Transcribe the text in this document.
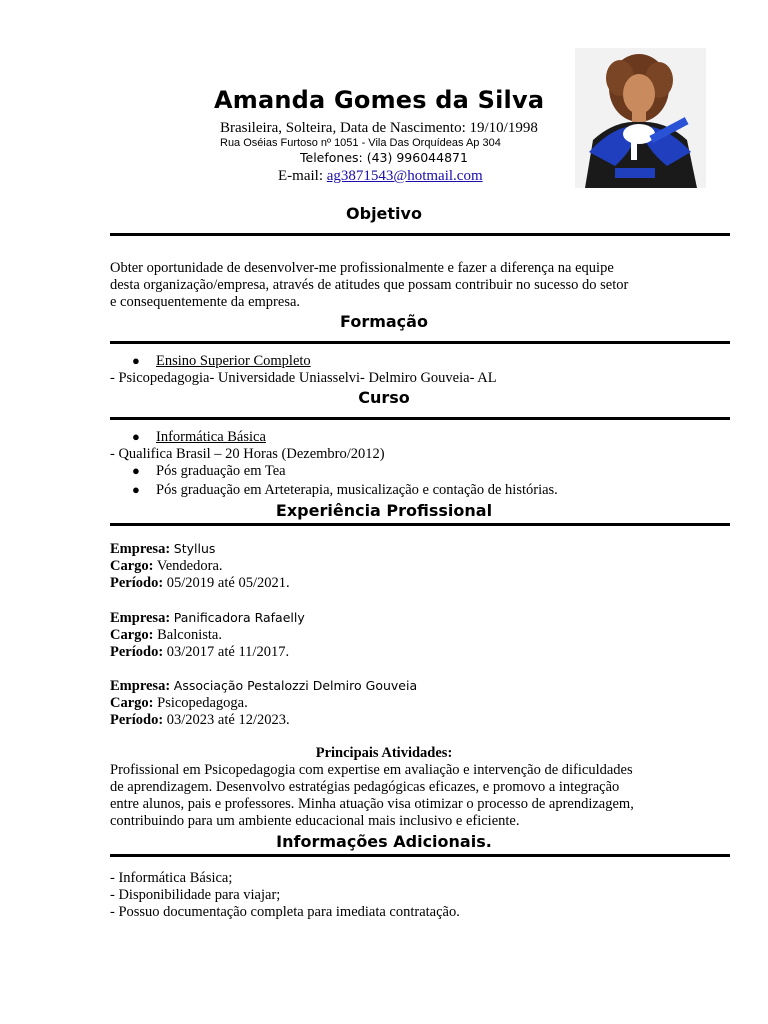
Amanda Gomes da Silva
Brasileira, Solteira, Data de Nascimento: 19/10/1998
Rua Oséias Furtoso nº 1051 - Vila Das Orquídeas Ap 304
Telefones: (43) 996044871
E-mail: ag3871543@hotmail.com
Objetivo
Obter oportunidade de desenvolver-me profissionalmente e fazer a diferença na equipe
desta organização/empresa, através de atitudes que possam contribuir no sucesso do setor
e consequentemente da empresa.
Formação
● Ensino Superior Completo
- Psicopedagogia- Universidade Uniasselvi- Delmiro Gouveia- AL
Curso
● Informática Básica
- Qualifica Brasil – 20 Horas (Dezembro/2012)
● Pós graduação em Tea
● Pós graduação em Arteterapia, musicalização e contação de histórias.
Experiência Profissional
Empresa: Styllus
Cargo: Vendedora.
Período: 05/2019 até 05/2021.
Empresa: Panificadora Rafaelly
Cargo: Balconista.
Período: 03/2017 até 11/2017.
Empresa: Associação Pestalozzi Delmiro Gouveia
Cargo: Psicopedagoga.
Período: 03/2023 até 12/2023.
Principais Atividades:
Profissional em Psicopedagogia com expertise em avaliação e intervenção de dificuldades
de aprendizagem. Desenvolvo estratégias pedagógicas eficazes, e promovo a integração
entre alunos, pais e professores. Minha atuação visa otimizar o processo de aprendizagem,
contribuindo para um ambiente educacional mais inclusivo e eficiente.
Informações Adicionais.
- Informática Básica;
- Disponibilidade para viajar;
- Possuo documentação completa para imediata contratação.
